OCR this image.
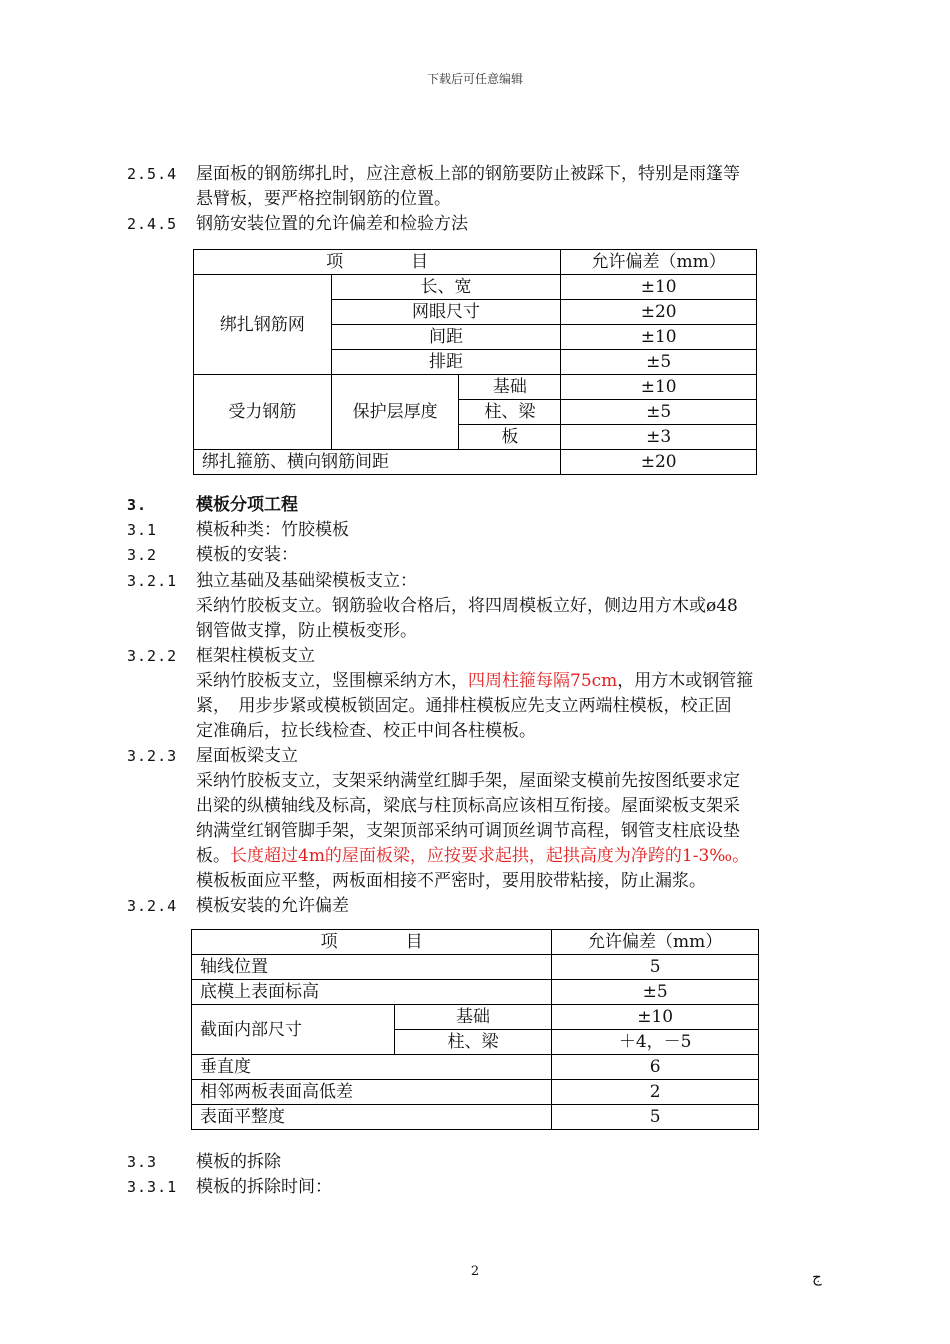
下载后可任意编辑
2.5.4 屋面板的钢筋绑扎时，应注意板上部的钢筋要防止被踩下，特别是雨篷等
悬臂板，要严格控制钢筋的位置。
2.4.5 钢筋安装位置的允许偏差和检验方法
项　　　　目			允许偏差（mm）
绑扎钢筋网	长、宽		±10
	网眼尺寸		±20
	间距		±10
	排距		±5
受力钢筋	保护层厚度	基础	±10
		柱、梁	±5
		板	±3
绑扎箍筋、横向钢筋间距			±20
3.	模板分项工程
3.1 模板种类：竹胶模板
3.2 模板的安装：
3.2.1 独立基础及基础梁模板支立：
采纳竹胶板支立。钢筋验收合格后，将四周模板立好，侧边用方木或ø48
钢管做支撑，防止模板变形。
3.2.2 框架柱模板支立
采纳竹胶板支立，竖围檩采纳方木，四周柱箍每隔75cm，用方木或钢管箍
紧，　用步步紧或模板锁固定。通排柱模板应先支立两端柱模板，校正固
定准确后，拉长线检查、校正中间各柱模板。
3.2.3 屋面板梁支立
采纳竹胶板支立，支架采纳满堂红脚手架，屋面梁支模前先按图纸要求定
出梁的纵横轴线及标高，梁底与柱顶标高应该相互衔接。屋面梁板支架采
纳满堂红钢管脚手架，支架顶部采纳可调顶丝调节高程，钢管支柱底设垫
板。长度超过4m的屋面板梁，应按要求起拱，起拱高度为净跨的1-3‰。
模板板面应平整，两板面相接不严密时，要用胶带粘接，防止漏浆。
3.2.4 模板安装的允许偏差
项　　　　目		允许偏差（mm）
轴线位置		5
底模上表面标高		±5
截面内部尺寸	基础	±10
	柱、梁	＋4，－5
垂直度		6
相邻两板表面高低差		2
表面平整度		5
3.3 模板的拆除
3.3.1 模板的拆除时间：
2	ج
